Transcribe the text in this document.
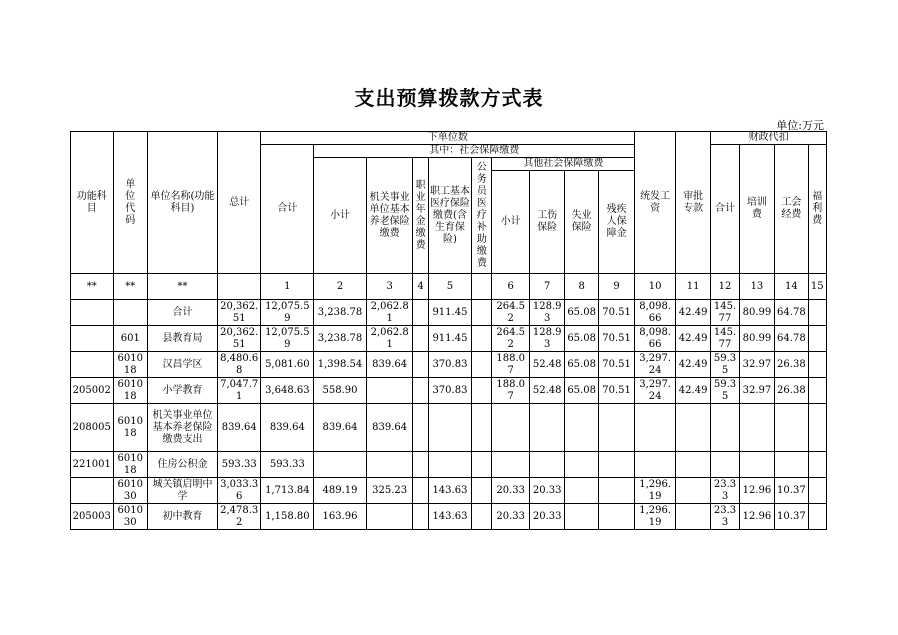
支出预算拨款方式表
单位:万元
功能科目	单位代码	单位名称(功能科目)	总计	下单位数										统发工资	审批专款	财政代扣			
				合计	其中：社会保障缴费											合计	培训费	工会经费	福利费
					小计	机关事业单位基本养老保险缴费	职业年金缴费	职工基本医疗保险缴费(含生育保险)	公务员医疗补助缴费	其他社会保障缴费									
										小计	工伤保险	失业保险	残疾人保障金						

**	**	**		1	2	3	4	5		6	7	8	9	10	11	12	13	14	15
		合计	20,362.51	12,075.59	3,238.78	2,062.81		911.45		264.52	128.93	65.08	70.51	8,098.66	42.49	145.77	80.99	64.78	
	601	县教育局	20,362.51	12,075.59	3,238.78	2,062.81		911.45		264.52	128.93	65.08	70.51	8,098.66	42.49	145.77	80.99	64.78	
	601018	汉昌学区	8,480.68	5,081.60	1,398.54	839.64		370.83		188.07	52.48	65.08	70.51	3,297.24	42.49	59.35	32.97	26.38	
205002	601018	小学教育	7,047.71	3,648.63	558.90			370.83		188.07	52.48	65.08	70.51	3,297.24	42.49	59.35	32.97	26.38	
208005	601018	机关事业单位基本养老保险缴费支出	839.64	839.64	839.64	839.64													
221001	601018	住房公积金	593.33	593.33															
	601030	城关镇启明中学	3,033.36	1,713.84	489.19	325.23		143.63		20.33	20.33			1,296.19		23.33	12.96	10.37	
205003	601030	初中教育	2,478.32	1,158.80	163.96			143.63		20.33	20.33			1,296.19		23.33	12.96	10.37	
